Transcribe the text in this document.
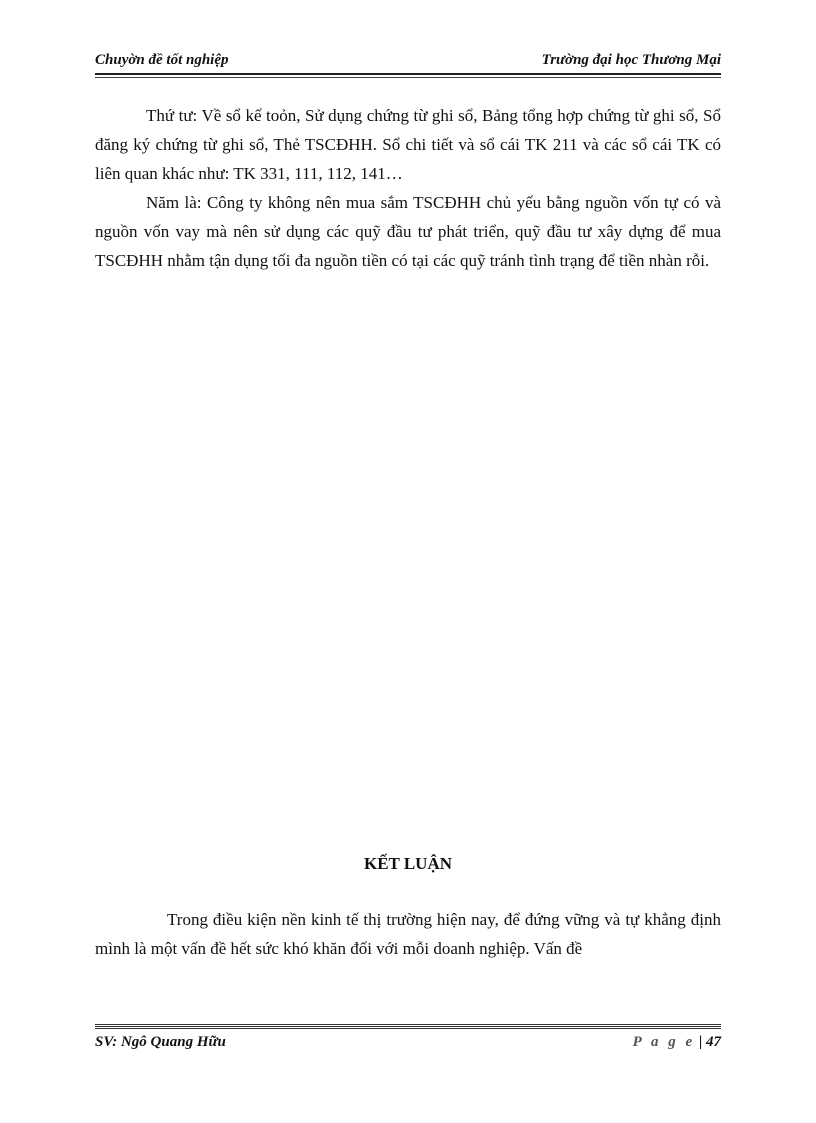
Chuyờn đề tốt nghiệp	Trường đại học Thương Mại

Thứ tư: Về sổ kế toỏn, Sử dụng chứng từ ghi sổ, Bảng tổng hợp chứng từ ghi sổ, Sổ đăng ký chứng từ ghi sổ, Thẻ TSCĐHH. Sổ chi tiết và sổ cái TK 211 và các sổ cái TK có liên quan khác như: TK 331, 111, 112, 141…

Năm là: Công ty không nên mua sắm TSCĐHH chủ yếu bằng nguồn vốn tự có và nguồn vốn vay mà nên sử dụng các quỹ đầu tư phát triển, quỹ đầu tư xây dựng để mua TSCĐHH nhằm tận dụng tối đa nguồn tiền có tại các quỹ tránh tình trạng để tiền nhàn rỗi.

KẾT LUẬN

Trong điều kiện nền kinh tế thị trường hiện nay, để đứng vững và tự khẳng định mình là một vấn đề hết sức khó khăn đối với mỗi doanh nghiệp. Vấn đề

SV: Ngô Quang Hữu	P a g e | 47
